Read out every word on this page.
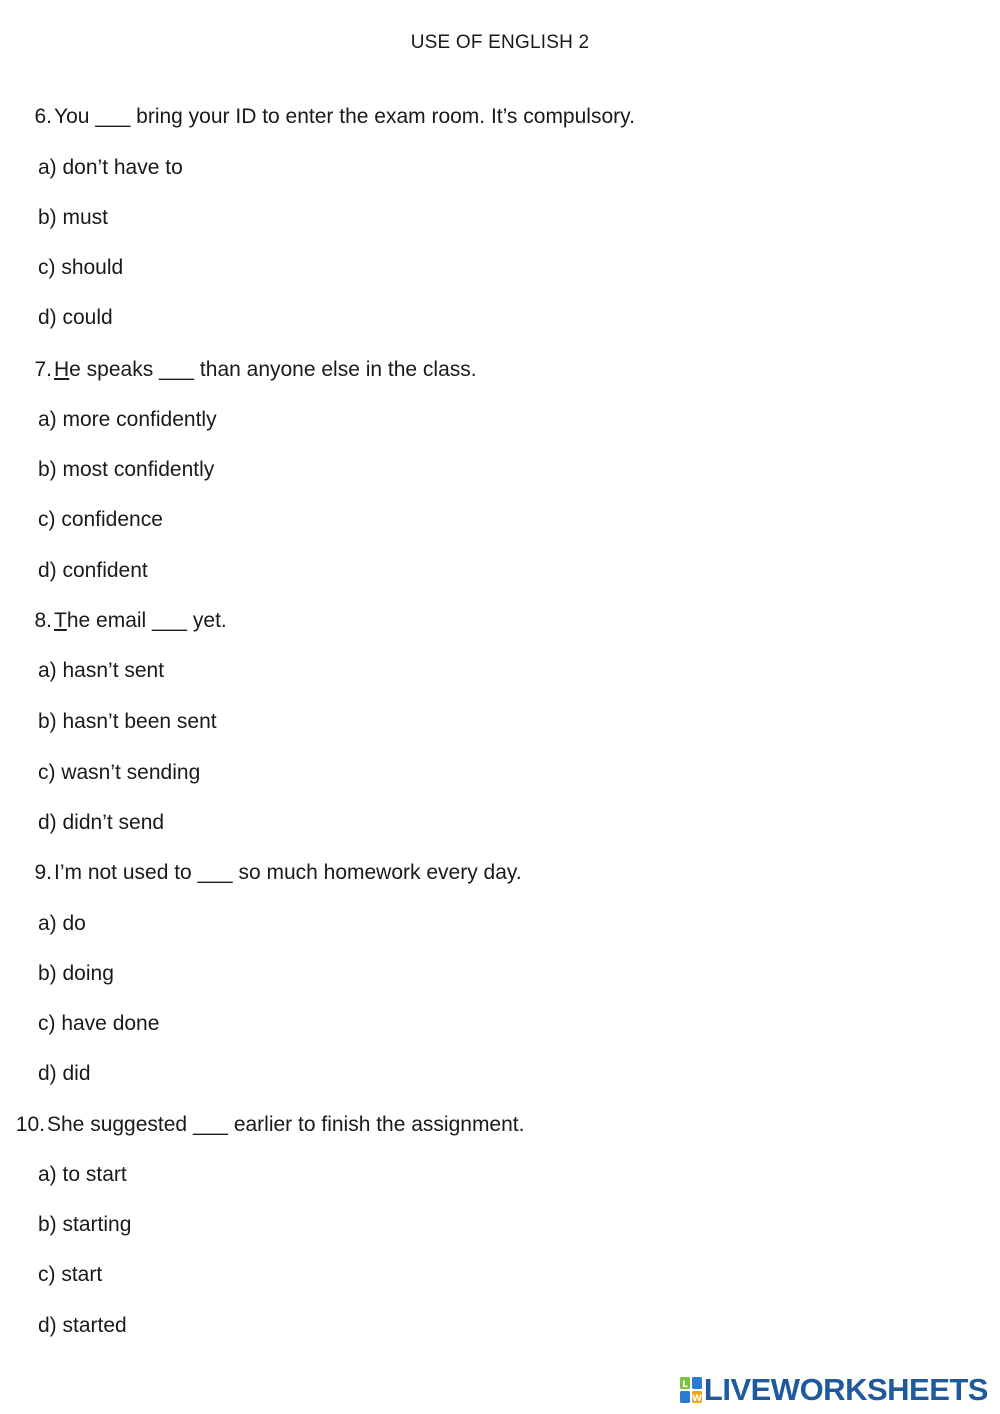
USE OF ENGLISH 2
6.You ___ bring your ID to enter the exam room. It’s compulsory.
a) don’t have to
b) must
c) should
d) could
7.He speaks ___ than anyone else in the class.
a) more confidently
b) most confidently
c) confidence
d) confident
8.The email ___ yet.
a) hasn’t sent
b) hasn’t been sent
c) wasn’t sending
d) didn’t send
9.I’m not used to ___ so much homework every day.
a) do
b) doing
c) have done
d) did
10.She suggested ___ earlier to finish the assignment.
a) to start
b) starting
c) start
d) started
L
W LIVEWORKSHEETS
